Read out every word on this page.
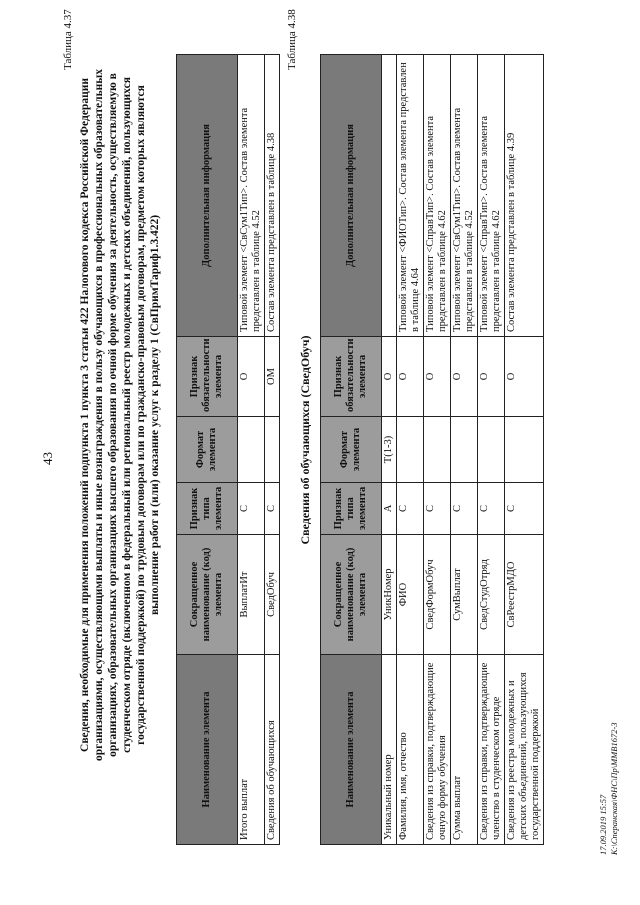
43
Таблица 4.37
Сведения, необходимые для применения положений подпункта 1 пункта 3 статьи 422 Налогового кодекса Российской Федерации организациями, осуществляющими выплаты и иные вознаграждения в пользу обучающихся в профессиональных образовательных организациях, образовательных организациях высшего образования по очной форме обучения за деятельность, осуществляемую в студенческом отряде (включенном в федеральный или региональный реестр молодежных и детских объединений, пользующихся государственной поддержкой) по трудовым договорам или по гражданско-правовым договорам, предметом которых являются выполнение работ и (или) оказание услуг к разделу 1 (СвПримТариф1.3.422)
Наименование элемента	Сокращенное наименование (код) элемента	Признак типа элемента	Формат элемента	Признак обязательности элемента	Дополнительная информация
Итого выплат	ВыплатИт	С		О	Типовой элемент <СвСум1Тип>. Состав элемента представлен в таблице 4.52
Сведения об обучающихся	СведОбуч	С		ОМ	Состав элемента представлен в таблице 4.38
Таблица 4.38
Сведения об обучающихся (СведОбуч)
Наименование элемента	Сокращенное наименование (код) элемента	Признак типа элемента	Формат элемента	Признак обязательности элемента	Дополнительная информация
Уникальный номер	УникНомер	А	T(1-3)	О	
Фамилия, имя, отчество	ФИО	С		О	Типовой элемент <ФИОТип>. Состав элемента представлен в таблице 4.64
Сведения из справки, подтверждающие очную форму обучения	СведФормОбуч	С		О	Типовой элемент <СправТип>. Состав элемента представлен в таблице 4.62
Сумма выплат	СумВыплат	С		О	Типовой элемент <СвСум1Тип>. Состав элемента представлен в таблице 4.52
Сведения из справки, подтверждающие членство в студенческом отряде	СведСтудОтряд	С		О	Типовой элемент <СправТип>. Состав элемента представлен в таблице 4.62
Сведения из реестра молодежных и детских объединений, пользующихся государственной поддержкой	СвРеестрМДО	С		О	Состав элемента представлен в таблице 4.39
17.09.2019 15:57 К:\Сперанская\ФНС\Пр\ММВ1672-3
